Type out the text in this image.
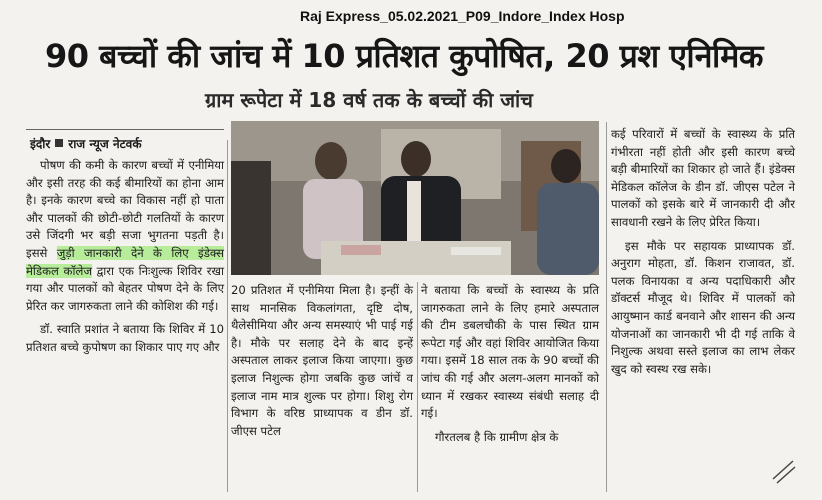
Raj Express_05.02.2021_P09_Indore_Index Hosp
90 बच्चों की जांच में 10 प्रतिशत कुपोषित, 20 प्रश एनिमिक
ग्राम रूपेटा में 18 वर्ष तक के बच्चों की जांच
इंदौर राज न्यूज नेटवर्क

पोषण की कमी के कारण बच्चों में एनीमिया और इसी तरह की कई बीमारियों का होना आम है। इनके कारण बच्चे का विकास नहीं हो पाता और पालकों की छोटी-छोटी गलतियों के कारण उसे जिंदगी भर बड़ी सजा भुगतना पड़ती है। इससे जुड़ी जानकारी देने के लिए इंडेक्स मेडिकल कॉलेज द्वारा एक निःशुल्क शिविर रखा गया और पालकों को बेहतर पोषण देने के लिए प्रेरित कर जागरुकता लाने की कोशिश की गई।

डॉ. स्वाति प्रशांत ने बताया कि शिविर में 10 प्रतिशत बच्चे कुपोषण का शिकार पाए गए और

20 प्रतिशत में एनीमिया मिला है। इन्हीं के साथ मानसिक विकलांगता, दृष्टि दोष, थैलेसीमिया और अन्य समस्याएं भी पाई गई है। मौके पर सलाह देने के बाद इन्हें अस्पताल लाकर इलाज किया जाएगा। कुछ इलाज निशुल्क होगा जबकि कुछ जांचें व इलाज नाम मात्र शुल्क पर होगा। शिशु रोग विभाग के वरिष्ठ प्राध्यापक व डीन डॉ. जीएस पटेल

ने बताया कि बच्चों के स्वास्थ्य के प्रति जागरुकता लाने के लिए हमारे अस्पताल की टीम डबलचौकी के पास स्थित ग्राम रूपेटा गई और वहां शिविर आयोजित किया गया। इसमें 18 साल तक के 90 बच्चों की जांच की गई और अलग-अलग मानकों को ध्यान में रखकर स्वास्थ्य संबंधी सलाह दी गई।

गौरतलब है कि ग्रामीण क्षेत्र के

कई परिवारों में बच्चों के स्वास्थ्य के प्रति गंभीरता नहीं होती और इसी कारण बच्चे बड़ी बीमारियों का शिकार हो जाते हैं। इंडेक्स मेडिकल कॉलेज के डीन डॉ. जीएस पटेल ने पालकों को इसके बारे में जानकारी दी और सावधानी रखने के लिए प्रेरित किया।

इस मौके पर सहायक प्राध्यापक डॉ. अनुराग मोहता, डॉ. किशन राजावत, डॉ. पलक विनायका व अन्य पदाधिकारी और डॉक्टर्स मौजूद थे। शिविर में पालकों को आयुष्मान कार्ड बनवाने और शासन की अन्य योजनाओं का जानकारी भी दी गई ताकि वे निशुल्क अथवा सस्ते इलाज का लाभ लेकर खुद को स्वस्थ रख सके।
